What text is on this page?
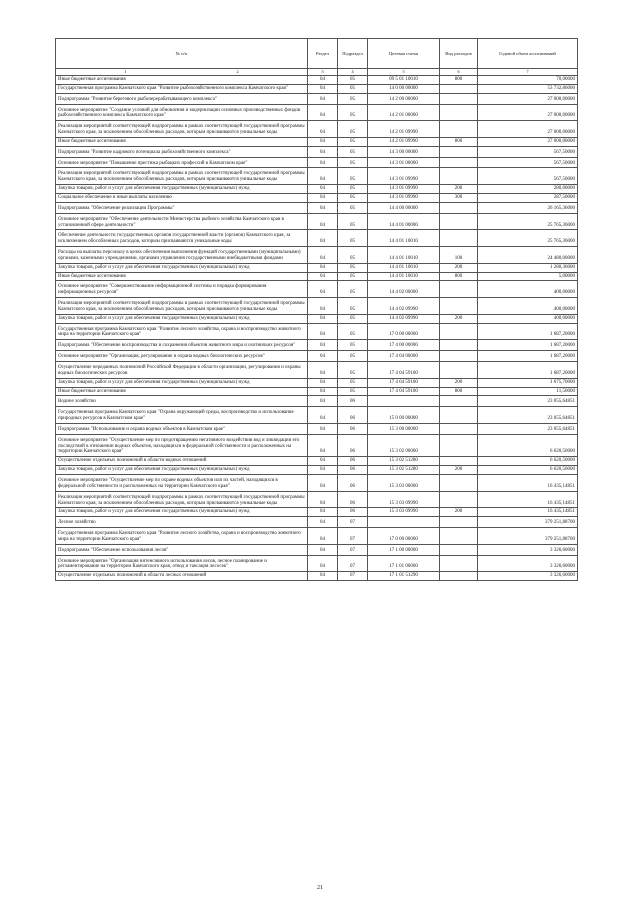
№ п/п	Раздел	Подраздел	Целевая статья	Вид расходов	Годовой объем ассигнований
1 2	3	4	5	6	7
Иные бюджетные ассигнования	04	05	09 5 01 10010	800	70,00000
Государственная программа Камчатского края "Развитие рыбохозяйственного комплекса Камчатского края"	04	05	14 0 00 00000		53 732,86000
Подпрограмма "Развитие берегового рыбоперерабатывающего комплекса"	04	05	14 2 00 00000		27 000,00000
Основное мероприятие "Создание условий для обновления и модернизации основных производственных фондов рыбохозяйственного комплекса Камчатского края"	04	05	14 2 01 00000		27 000,00000
Реализация мероприятий соответствующей подпрограммы в рамках соответствующей государственной программы Камчатского края, за исключением обособленных расходов, которым присваиваются уникальные коды	04	05	14 2 01 09990		27 000,00000
Иные бюджетные ассигнования	04	05	14 2 01 09990	800	27 000,00000
Подпрограмма "Развитие кадрового потенциала рыбохозяйственного комплекса"	04	05	14 3 00 00000		567,50000
Основное мероприятие "Повышение престижа рыбацких профессий в Камчатском крае"	04	05	14 3 01 00000		567,50000
Реализация мероприятий соответствующей подпрограммы в рамках соответствующей государственной программы Камчатского края, за исключением обособленных расходов, которым присваиваются уникальные коды	04	05	14 3 01 09990		567,50000
Закупка товаров, работ и услуг для обеспечения государственных (муниципальных) нужд	04	05	14 3 01 09990	200	280,00000
Социальное обеспечение и иные выплаты населению	04	05	14 3 01 09990	300	287,50000
Подпрограмма "Обеспечение реализации Программы"	04	05	14 4 00 00000		26 165,36000
Основное мероприятие "Обеспечение деятельности Министерства рыбного хозяйства Камчатского края в установленной сфере деятельности"	04	05	14 4 01 00000		25 765,36000
Обеспечение деятельности государственных органов государственной власти (органов) Камчатского края, за исключением обособленных расходов, которым присваиваются уникальные коды	04	05	14 4 01 10010		25 765,36000
Расходы на выплаты персоналу в целях обеспечения выполнения функций государственными (муниципальными) органами, казенными учреждениями, органами управления государственными внебюджетными фондами	04	05	14 4 01 10010	100	24 480,00000
Закупка товаров, работ и услуг для обеспечения государственных (муниципальных) нужд	04	05	14 4 01 10010	200	1 280,36000
Иные бюджетные ассигнования	04	05	14 4 01 10010	800	5,00000
Основное мероприятие "Совершенствование информационной системы и порядка формирования информационных ресурсов"	04	05	14 4 02 00000		400,00000
Реализация мероприятий соответствующей подпрограммы в рамках соответствующей государственной программы Камчатского края, за исключением обособленных расходов, которым присваиваются уникальные коды	04	05	14 4 02 09990		400,00000
Закупка товаров, работ и услуг для обеспечения государственных (муниципальных) нужд	04	05	14 4 02 09990	200	400,00000
Государственная программа Камчатского края "Развитие лесного хозяйства, охрана и воспроизводство животного мира на территории Камчатского края"	04	05	17 0 00 00000		1 687,20000
Подпрограмма "Обеспечение воспроизводства и сохранения объектов животного мира и охотничьих ресурсов"	04	05	17 4 00 00000		1 687,20000
Основное мероприятие "Организация, регулирование и охрана водных биологических ресурсов"	04	05	17 4 04 00000		1 687,20000
Осуществление переданных полномочий Российской Федерации в области организации, регулирования и охраны водных биологических ресурсов	04	05	17 4 04 59100		1 687,20000
Закупка товаров, работ и услуг для обеспечения государственных (муниципальных) нужд	04	05	17 4 04 59100	200	1 675,70000
Иные бюджетные ассигнования	04	05	17 4 04 59100	800	11,50000
Водное хозяйство	04	06			23 055,64851
Государственная программа Камчатского края "Охрана окружающей среды, воспроизводство и использование природных ресурсов в Камчатском крае"	04	06	15 0 00 00000		23 055,64851
Подпрограмма "Использование и охрана водных объектов в Камчатском крае"	04	06	15 3 00 00000		23 055,64851
Основное мероприятие "Осуществление мер по предотвращению негативного воздействия вод и ликвидации его последствий в отношении водных объектов, находящихся в федеральной собственности и расположенных на территории Камчатского края"	04	06	15 3 02 00000		6 620,50000
Осуществление отдельных полномочий в области водных отношений	04	06	15 3 02 51280		6 620,50000
Закупка товаров, работ и услуг для обеспечения государственных (муниципальных) нужд	04	06	15 3 02 51280	200	6 620,50000
Основное мероприятие "Осуществление мер по охране водных объектов или их частей, находящихся в федеральной собственности и расположенных на территории Камчатского края"	04	06	15 3 03 00000		16 435,14851
Реализация мероприятий соответствующей подпрограммы в рамках соответствующей государственной программы Камчатского края, за исключением обособленных расходов, которым присваиваются уникальные коды	04	06	15 3 03 09990		16 435,14851
Закупка товаров, работ и услуг для обеспечения государственных (муниципальных) нужд	04	06	15 3 03 09990	200	16 435,14851
Лесное хозяйство	04	07			379 251,88700
Государственная программа Камчатского края "Развитие лесного хозяйства, охрана и воспроизводство животного мира на территории Камчатского края"	04	07	17 0 00 00000		379 251,88700
Подпрограмма "Обеспечение использования лесов"	04	07	17 1 00 00000		3 326,60000
Основное мероприятие "Организация интенсивного использования лесов, лесное планирование и регламентирование на территории Камчатского края, отвод и таксация лесосек"	04	07	17 1 01 00000		3 326,60000
Осуществление отдельных полномочий в области лесных отношений	04	07	17 1 01 51290		3 326,60000
21
